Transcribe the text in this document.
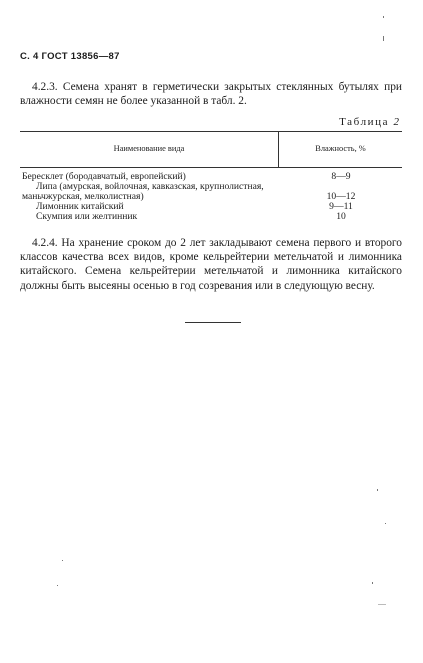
С. 4 ГОСТ 13856—87

4.2.3. Семена хранят в герметически закрытых стеклянных бутылях при влажности семян не более указанной в табл. 2.

Таблица 2
Наименование вида	Влажность, %
Бересклет (бородавчатый, европейский)
Липа (амурская, войлочная, кавказская, крупнолистная, маньчжурская, мелколистная)
Лимонник китайский
Скумпия или желтинник
8—9
10—12
9—11
10

4.2.4. На хранение сроком до 2 лет закладывают семена первого и второго классов качества всех видов, кроме кельрейтерии метельчатой и лимонника китайского. Семена кельрейтерии метельчатой и лимонника китайского должны быть высеяны осенью в год созревания или в следующую весну.
